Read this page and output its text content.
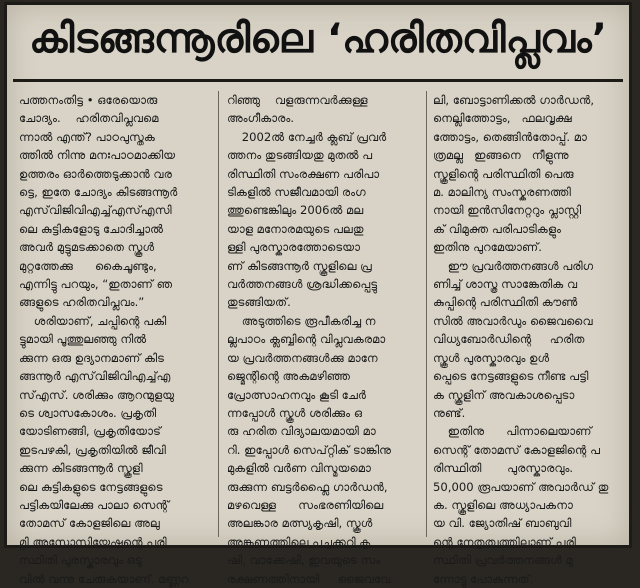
കിടങ്ങന്നൂരിലെ ‘ഹരിതവിപ്ലവം’

പത്തനംതിട്ട • ഒരേയൊരു

ചോദ്യം.    ഹരിതവിപ്ലവമെ

ന്നാൽ എന്ത്? പാഠപുസ്തക

ത്തിൽ നിന്നു മനഃപാഠമാക്കിയ

ഉത്തരം ഓർത്തെടുക്കാൻ വര

ട്ടെ, ഇതേ ചോദ്യം കിടങ്ങന്നൂർ

എസ്‌വിജിവിഎച്ച്എസ്എസി

ലെ കുട്ടികളോടു ചോദിച്ചാൽ

അവർ മുട്ടുമടക്കാതെ സ്കൂൾ

മുറ്റത്തേക്കു      കൈചൂണ്ടും,

എന്നിട്ടു പറയും, “ഇതാണ് ഞ

ങ്ങളുടെ ഹരിതവിപ്ലവം.”

ശരിയാണ്, ചപ്പിന്റെ പകി

ട്ടുമായി പൂത്തുലഞ്ഞു നിൽ

ക്കുന്ന ഒരു ഉദ്യാനമാണ് കിട

ങ്ങന്നൂർ എസ്‌വിജിവിഎച്ച്എ

സ്എസ്. ശരിക്കും ആറന്മുളയു

ടെ ശ്വാസകോശം. പ്രകൃതി

യോടിണങ്ങി, പ്രകൃതിയോട്

ഇടപഴകി, പ്രകൃതിയിൽ ജീവി

ക്കുന്ന കിടങ്ങന്നൂർ സ്കൂളി

ലെ കുട്ടികളുടെ നേട്ടങ്ങളുടെ

പട്ടികയിലേക്കു പാലാ സെന്റ്

തോമസ് കോളജിലെ അലു

മ്നി അസോസിയേഷന്റെ പരി

സ്ഥിതി പുരസ്കാരവും ഒടു

വിൽ വന്നു ചേരുകയാണ്. മണ്ണറ

റിഞ്ഞു    വളരുന്നവർക്കുള്ള

അംഗീകാരം.

2002ൽ നേച്ചർ ക്ലബ് പ്രവർ

ത്തനം തുടങ്ങിയതു മുതൽ പ

രിസ്ഥിതി സംരക്ഷണ പരിപാ

ടികളിൽ സജീവമായി രംഗ

ത്തുണ്ടെങ്കിലും 2006ൽ മല

യാള മനോരമയുടെ പലതു

ള്ളി പുരസ്കാരത്തോടെയാ

ണ് കിടങ്ങന്നൂർ സ്കൂളിലെ പ്ര

വർത്തനങ്ങൾ ശ്രദ്ധിക്കപ്പെട്ടു

തുടങ്ങിയത്.

അടുത്തിടെ രൂപീകരിച്ച ന

ല്ലപാഠം ക്ലബ്ബിന്റെ വിപ്ലവകരമാ

യ പ്രവർത്തനങ്ങൾക്കു മാനേ

ജ്മെന്റിന്റെ അകമഴിഞ്ഞ

പ്രോത്സാഹനവും കൂടി ചേർ

ന്നപ്പോൾ സ്കൂൾ ശരിക്കും ഒ

രു ഹരിത വിദ്യാലയമായി മാ

റി. ഇപ്പോൾ സെപ്റ്റിക് ടാങ്കിനു

മുകളിൽ വർണ വിസ്മയമൊ

രുക്കുന്ന ബട്ടർഫ്ലൈ ഗാർഡൻ,

മഴവെള്ള      സംഭരണിയിലെ

അലങ്കാര മത്സ്യകൃഷി, സ്കൂൾ

അങ്കണത്തിലെ പച്ചക്കറി കൃ

ഷി, വാക്കേഷി, ഇവയുടെ സം

രക്ഷണത്തിനായി     ജൈവവേ

ലി, ബോട്ടാണിക്കൽ ഗാർഡൻ,

നെല്ലിത്തോട്ടം,   ഫലവൃക്ഷ

ത്തോട്ടം, തെങ്ങിൻതോപ്പ്. മാ

ത്രമല്ല   ഇങ്ങനെ   നീളുന്നു

സ്കൂളിന്റെ പരിസ്ഥിതി പെരു

മ. മാലിന്യ സംസ്കരണത്തി

നായി ഇൻസിനേറ്ററും പ്ലാസ്റ്റി

ക് വിമുക്ത പരിപാടികളും

ഇതിനു പുറമേയാണ്.

ഈ പ്രവർത്തനങ്ങൾ പരിഗ

ണിച്ച് ശാസ്ത്ര സാങ്കേതിക വ

കുപ്പിന്റെ പരിസ്ഥിതി കൗൺ

സിൽ അവാർഡും ജൈവവൈ

വിധ്യബോർഡിന്റെ     ഹരിത

സ്കൂൾ പുരസ്കാരവും ഉൾ

പ്പെടെ നേട്ടങ്ങളുടെ നീണ്ട പട്ടി

ക സ്കൂളിന് അവകാശപ്പെടാ

നുണ്ട്.

ഇതിനു      പിന്നാലെയാണ്

സെന്റ് തോമസ് കോളജിന്റെ പ

രിസ്ഥിതി       പുരസ്കാരവും.

50,000 രൂപയാണ് അവാർഡ് തു

ക. സ്കൂളിലെ അധ്യാപകനാ

യ വി. ജ്യോതിഷ് ബാബുവി

ന്റെ നേതൃത്വത്തിലാണ് പരി

സ്ഥിതി പ്രവർത്തനങ്ങൾ മു

ന്നോട്ടു പോകുന്നത്.
